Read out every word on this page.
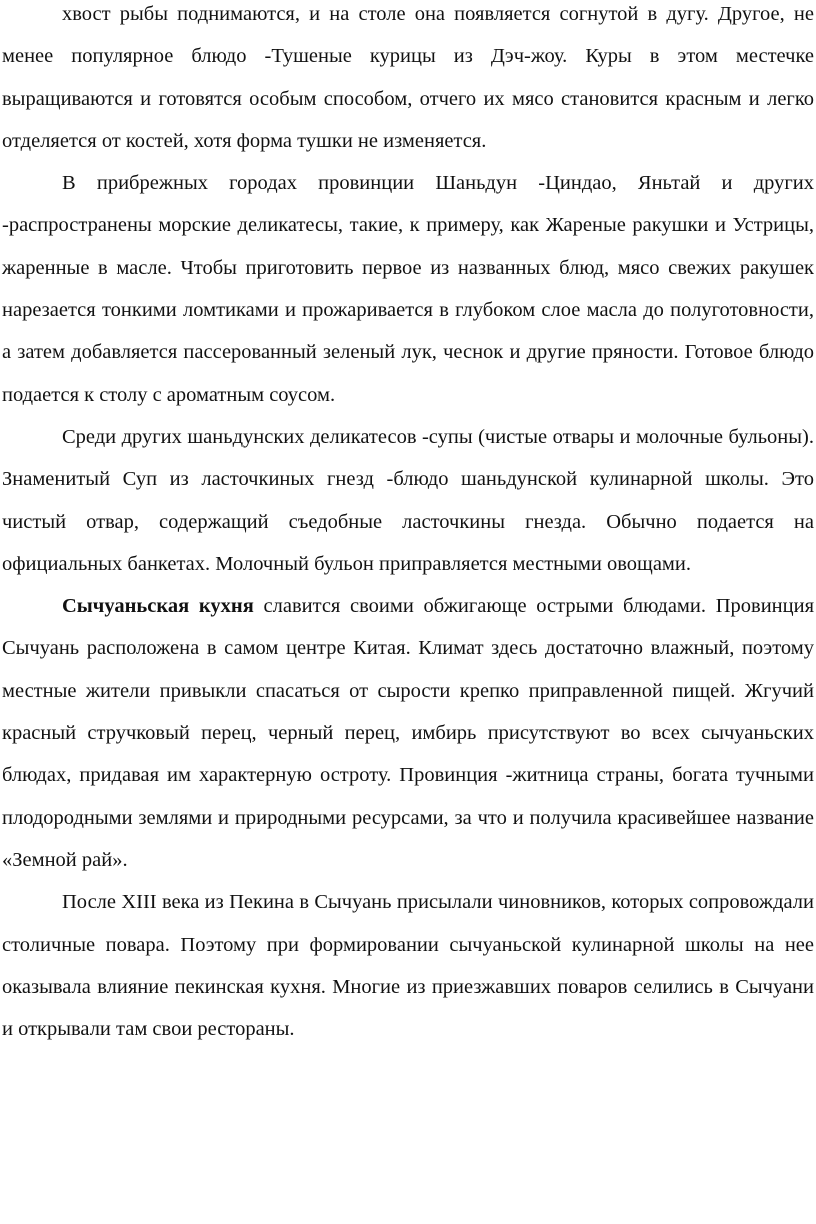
хвост рыбы поднимаются, и на столе она появляется согнутой в дугу. Другое, не менее популярное блюдо -Тушеные курицы из Дэч-жоу. Куры в этом местечке выращиваются и готовятся особым способом, отчего их мясо становится красным и легко отделяется от костей, хотя форма тушки не изменяется.

В прибрежных городах провинции Шаньдун -Циндао, Яньтай и других -распространены морские деликатесы, такие, к примеру, как Жареные ракушки и Устрицы, жаренные в масле. Чтобы приготовить первое из названных блюд, мясо свежих ракушек нарезается тонкими ломтиками и прожаривается в глубоком слое масла до полуготовности, а затем добавляется пассерованный зеленый лук, чеснок и другие пряности. Готовое блюдо подается к столу с ароматным соусом.

Среди других шаньдунских деликатесов -супы (чистые отвары и молочные бульоны). Знаменитый Суп из ласточкиных гнезд -блюдо шаньдунской кулинарной школы. Это чистый отвар, содержащий съедобные ласточкины гнезда. Обычно подается на официальных банкетах. Молочный бульон приправляется местными овощами.

Сычуаньская кухня славится своими обжигающе острыми блюдами. Провинция Сычуань расположена в самом центре Китая. Климат здесь достаточно влажный, поэтому местные жители привыкли спасаться от сырости крепко приправленной пищей. Жгучий красный стручковый перец, черный перец, имбирь присутствуют во всех сычуаньских блюдах, придавая им характерную остроту. Провинция -житница страны, богата тучными плодородными землями и природными ресурсами, за что и получила красивейшее название «Земной рай».

После XIII века из Пекина в Сычуань присылали чиновников, которых сопровождали столичные повара. Поэтому при формировании сычуаньской кулинарной школы на нее оказывала влияние пекинская кухня. Многие из приезжавших поваров селились в Сычуани и открывали там свои рестораны.
